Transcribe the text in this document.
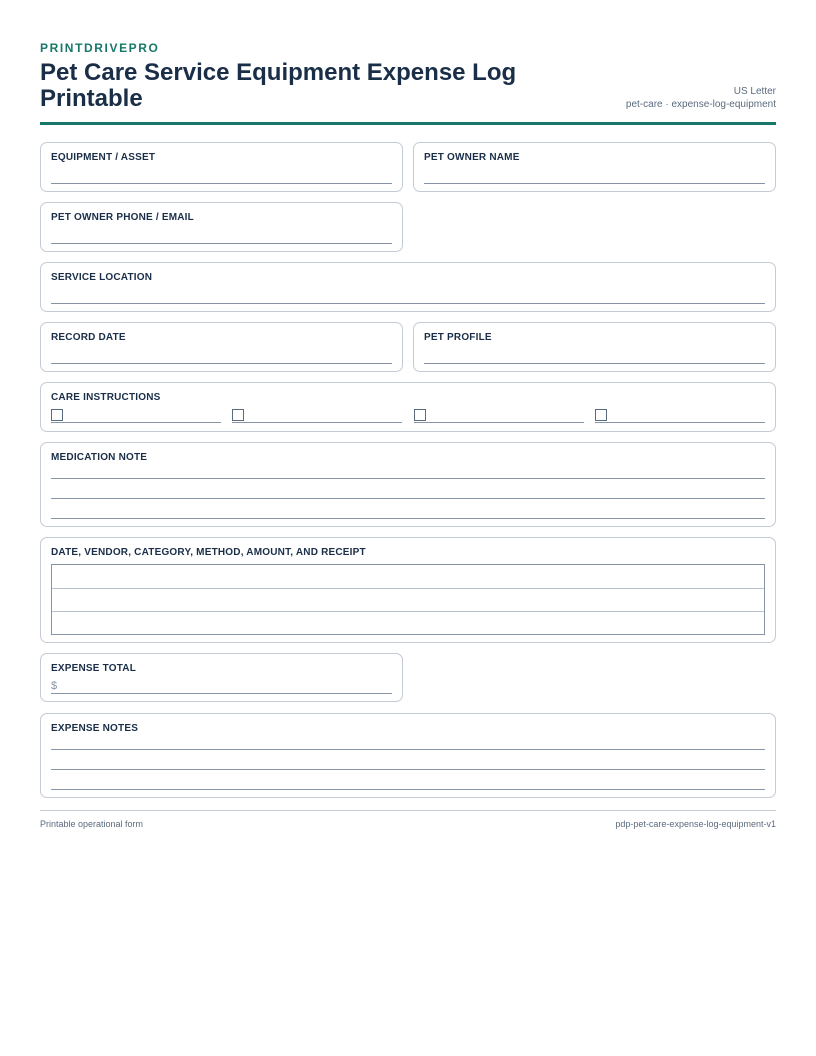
PRINTDRIVEPRO
Pet Care Service Equipment Expense Log Printable	US Letter
pet-care · expense-log-equipment
EQUIPMENT / ASSET	PET OWNER NAME
PET OWNER PHONE / EMAIL
SERVICE LOCATION
RECORD DATE	PET PROFILE
CARE INSTRUCTIONS
MEDICATION NOTE
DATE, VENDOR, CATEGORY, METHOD, AMOUNT, AND RECEIPT
EXPENSE TOTAL
$
EXPENSE NOTES
Printable operational form	pdp-pet-care-expense-log-equipment-v1
